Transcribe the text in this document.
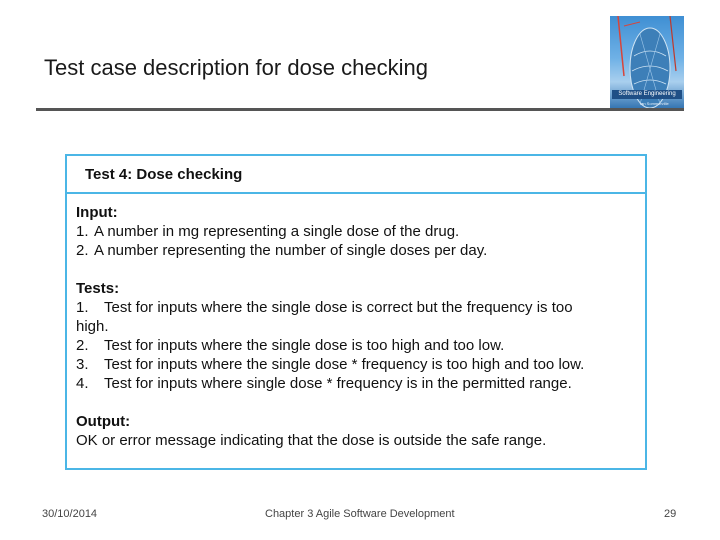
Test case description for dose checking
Software Engineering
Ian Sommerville
Test 4: Dose checking
Input:
1. A number in mg representing a single dose of the drug.
2. A number representing the number of single doses per day.
Tests:
1. Test for inputs where the single dose is correct but the frequency is too
high.
2. Test for inputs where the single dose is too high and too low.
3. Test for inputs where the single dose * frequency is too high and too low.
4. Test for inputs where single dose * frequency is in the permitted range.
Output:
OK or error message indicating that the dose is outside the safe range.
30/10/2014	Chapter 3 Agile Software Development	29
